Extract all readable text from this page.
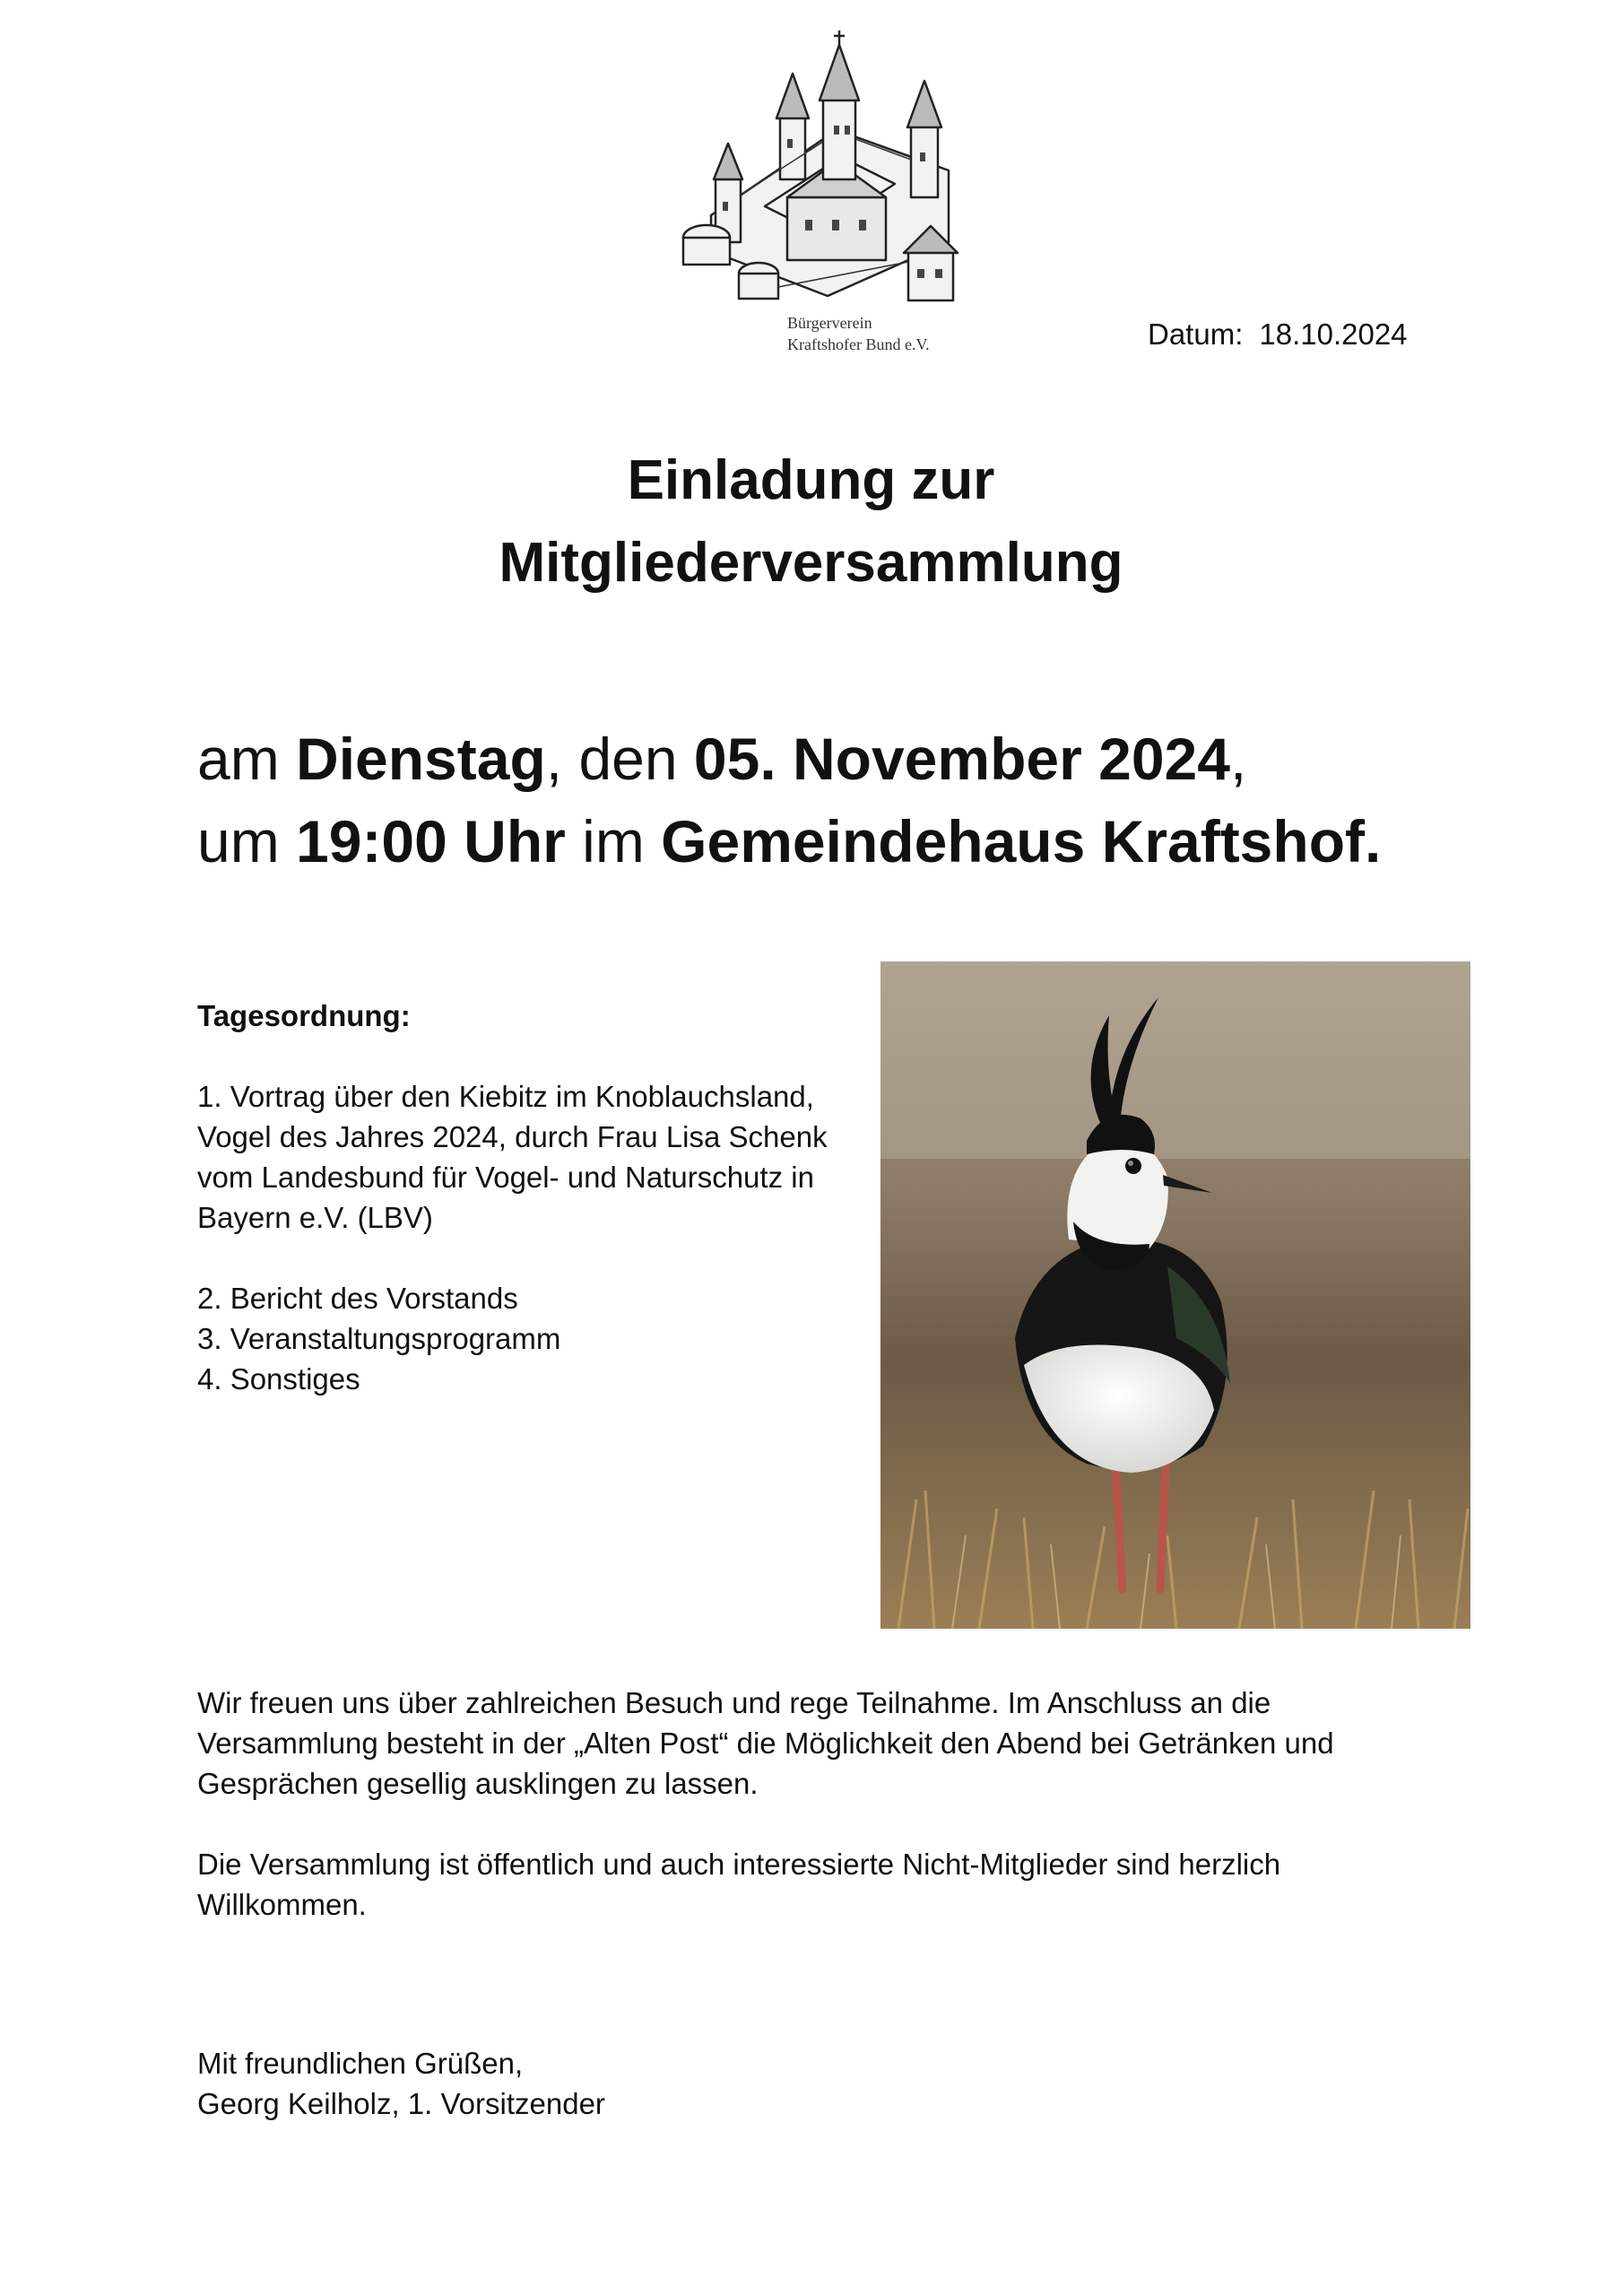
Bürgerverein
Kraftshofer Bund e.V.	Datum: 18.10.2024
Einladung zur
Mitgliederversammlung
am Dienstag, den 05. November 2024,
um 19:00 Uhr im Gemeindehaus Kraftshof.
Tagesordnung:
1. Vortrag über den Kiebitz im Knoblauchsland,
Vogel des Jahres 2024, durch Frau Lisa Schenk
vom Landesbund für Vogel- und Naturschutz in
Bayern e.V. (LBV)
2. Bericht des Vorstands
3. Veranstaltungsprogramm
4. Sonstiges
Wir freuen uns über zahlreichen Besuch und rege Teilnahme. Im Anschluss an die
Versammlung besteht in der „Alten Post“ die Möglichkeit den Abend bei Getränken und
Gesprächen gesellig ausklingen zu lassen.
Die Versammlung ist öffentlich und auch interessierte Nicht-Mitglieder sind herzlich
Willkommen.
Mit freundlichen Grüßen,
Georg Keilholz, 1. Vorsitzender
